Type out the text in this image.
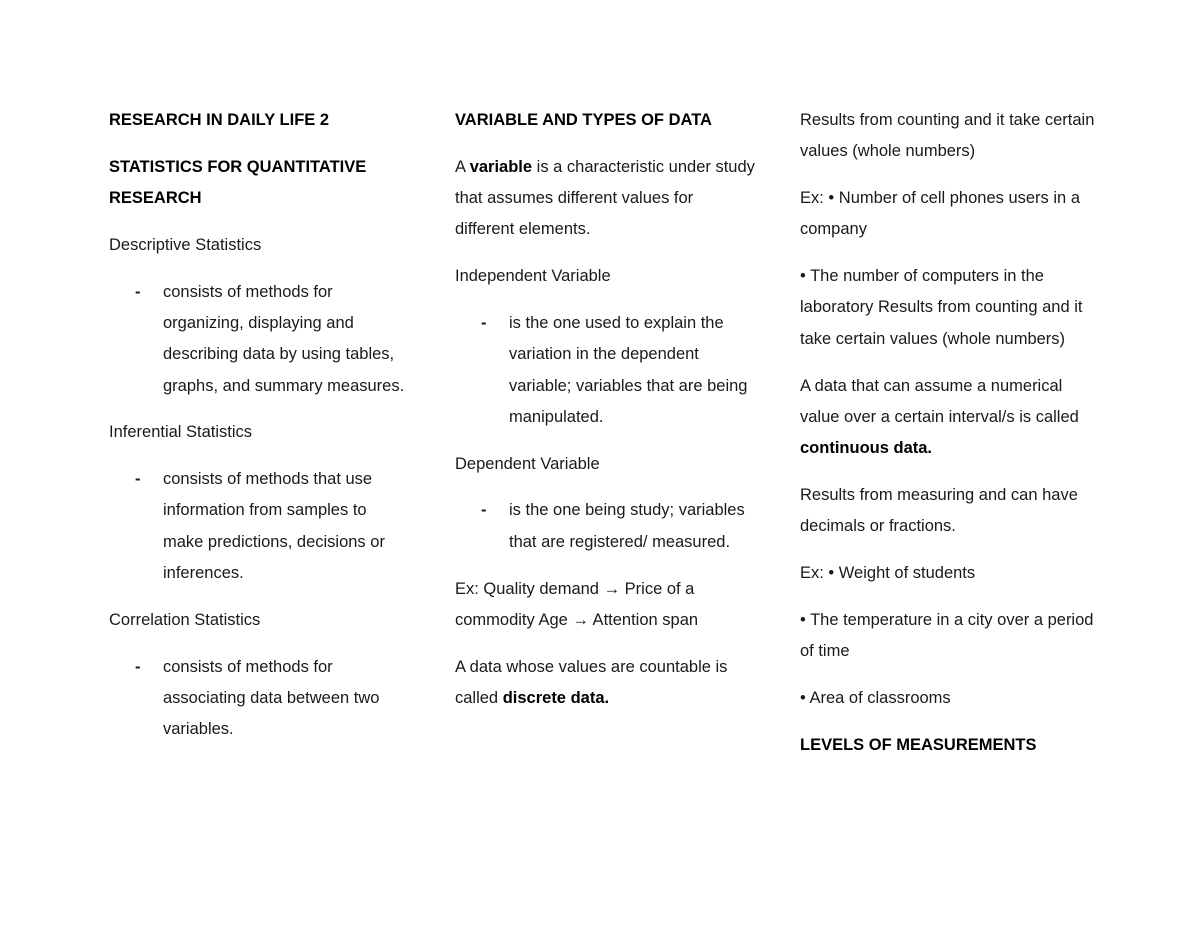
RESEARCH IN DAILY LIFE 2

STATISTICS FOR QUANTITATIVE RESEARCH

Descriptive Statistics

- consists of methods for organizing, displaying and describing data by using tables, graphs, and summary measures.

Inferential Statistics

- consists of methods that use information from samples to make predictions, decisions or inferences.

Correlation Statistics

- consists of methods for associating data between two variables.

VARIABLE AND TYPES OF DATA

A variable is a characteristic under study that assumes different values for different elements.

Independent Variable

- is the one used to explain the variation in the dependent variable; variables that are being manipulated.

Dependent Variable

- is the one being study; variables that are registered/ measured.

Ex: Quality demand → Price of a commodity Age → Attention span

A data whose values are countable is called discrete data.

Results from counting and it take certain values (whole numbers)

Ex: • Number of cell phones users in a company

• The number of computers in the laboratory Results from counting and it take certain values (whole numbers)

A data that can assume a numerical value over a certain interval/s is called continuous data.

Results from measuring and can have decimals or fractions.

Ex: • Weight of students

• The temperature in a city over a period of time

• Area of classrooms

LEVELS OF MEASUREMENTS
